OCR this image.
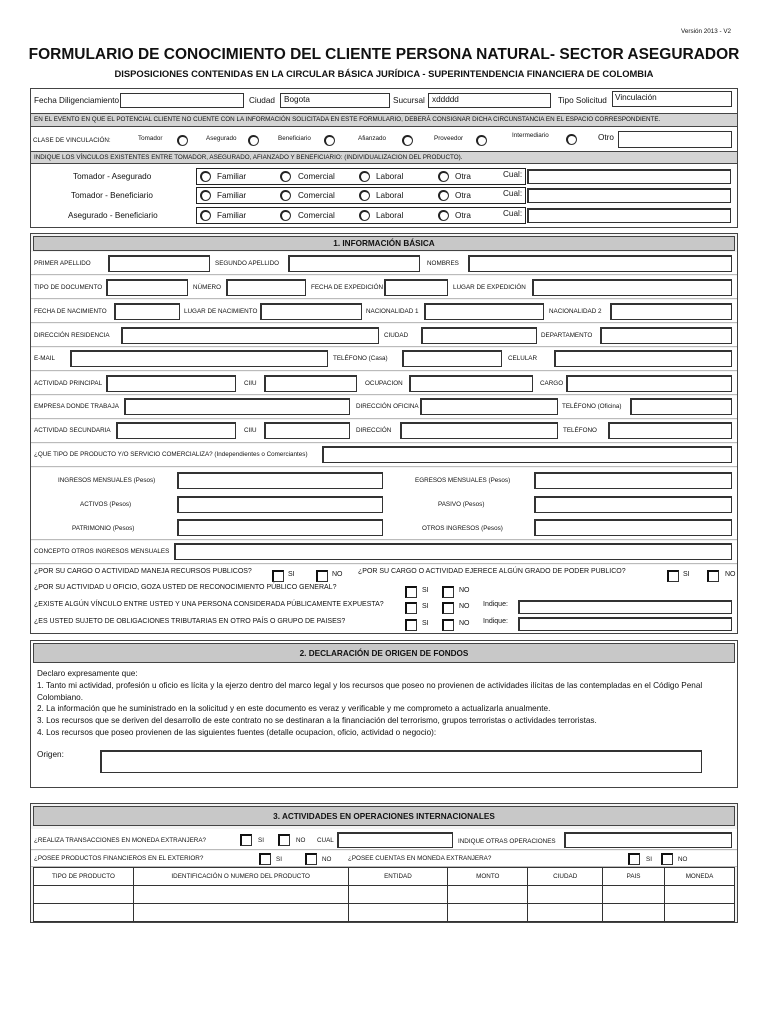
Versión 2013 - V2
FORMULARIO DE CONOCIMIENTO DEL CLIENTE PERSONA NATURAL- SECTOR ASEGURADOR
DISPOSICIONES CONTENIDAS EN LA CIRCULAR BÁSICA JURÍDICA - SUPERINTENDENCIA FINANCIERA DE COLOMBIA
Fecha Diligenciamiento	Ciudad Bogota	Sucursal xddddd	Tipo Solicitud Vinculación
EN EL EVENTO EN QUE EL POTENCIAL CLIENTE NO CUENTE CON LA INFORMACIÓN SOLICITADA EN ESTE FORMULARIO, DEBERÁ CONSIGNAR DICHA CIRCUNSTANCIA EN EL ESPACIO CORRESPONDIENTE.
CLASE DE VINCULACIÓN:	Tomador	Asegurado	Beneficiario	Afianzado	Proveedor	Intermediario	Otro
INDIQUE LOS VÍNCULOS EXISTENTES ENTRE TOMADOR, ASEGURADO, AFIANZADO Y BENEFICIARIO: (INDIVIDUALIZACION DEL PRODUCTO).
Tomador - Asegurado	Familiar	Comercial	Laboral	Otra	Cual:
Tomador - Beneficiario	Familiar	Comercial	Laboral	Otra	Cual:
Asegurado - Beneficiario	Familiar	Comercial	Laboral	Otra	Cual:
1. INFORMACIÓN BÁSICA
PRIMER APELLIDO	SEGUNDO APELLIDO	NOMBRES
TIPO DE DOCUMENTO	NÚMERO	FECHA DE EXPEDICIÓN	LUGAR DE EXPEDICIÓN
FECHA DE NACIMIENTO	LUGAR DE NACIMIENTO	NACIONALIDAD 1	NACIONALIDAD 2
DIRECCIÓN RESIDENCIA	CIUDAD	DEPARTAMENTO
E-MAIL	TELÉFONO (Casa)	CELULAR
ACTIVIDAD PRINCIPAL	CIIU	OCUPACION	CARGO
EMPRESA DONDE TRABAJA	DIRECCIÓN OFICINA	TELÉFONO (Oficina)
ACTIVIDAD SECUNDARIA	CIIU	DIRECCIÓN	TELÉFONO
¿QUE TIPO DE PRODUCTO Y/O SERVICIO COMERCIALIZA? (Independientes o Comerciantes)
INGRESOS MENSUALES (Pesos)	EGRESOS MENSUALES (Pesos)
ACTIVOS (Pesos)	PASIVO (Pesos)
PATRIMONIO (Pesos)	OTROS INGRESOS (Pesos)
CONCEPTO OTROS INGRESOS MENSUALES
¿POR SU CARGO O ACTIVIDAD MANEJA RECURSOS PUBLICOS?	SI	NO ¿POR SU CARGO O ACTIVIDAD EJERECE ALGÚN GRADO DE PODER PUBLICO?	SI	NO
¿POR SU ACTIVIDAD U OFICIO, GOZA USTED DE RECONOCIMIENTO PÚBLICO GENERAL?	SI	NO
¿EXISTE ALGÚN VÍNCULO ENTRE USTED Y UNA PERSONA CONSIDERADA PÚBLICAMENTE EXPUESTA?	SI	NO Indique:
¿ES USTED SUJETO DE OBLIGACIONES TRIBUTARIAS EN OTRO PAÍS O GRUPO DE PAISES?	SI	NO Indique:
2. DECLARACIÓN DE ORIGEN DE FONDOS
Declaro expresamente que:
1. Tanto mi actividad, profesión u oficio es lícita y la ejerzo dentro del marco legal y los recursos que poseo no provienen de actividades ilícitas de las contempladas en el Código Penal Colombiano.
2. La información que he suministrado en la solicitud y en este documento es veraz y verificable y me comprometo a actualizarla anualmente.
3. Los recursos que se deriven del desarrollo de este contrato no se destinaran a la financiación del terrorismo, grupos terroristas o actividades terroristas.
4. Los recursos que poseo provienen de las siguientes fuentes (detalle ocupacion, oficio, actividad o negocio):
Origen:
3. ACTIVIDADES EN OPERACIONES INTERNACIONALES
¿REALIZA TRANSACCIONES EN MONEDA EXTRANJERA?	SI	NO CUAL	INDIQUE OTRAS OPERACIONES
¿POSEE PRODUCTOS FINANCIEROS EN EL EXTERIOR?	SI	NO	¿POSEE CUENTAS EN MONEDA EXTRANJERA?	SI	NO
TIPO DE PRODUCTO	IDENTIFICACIÓN O NUMERO DEL PRODUCTO	ENTIDAD	MONTO	CIUDAD	PAIS	MONEDA
